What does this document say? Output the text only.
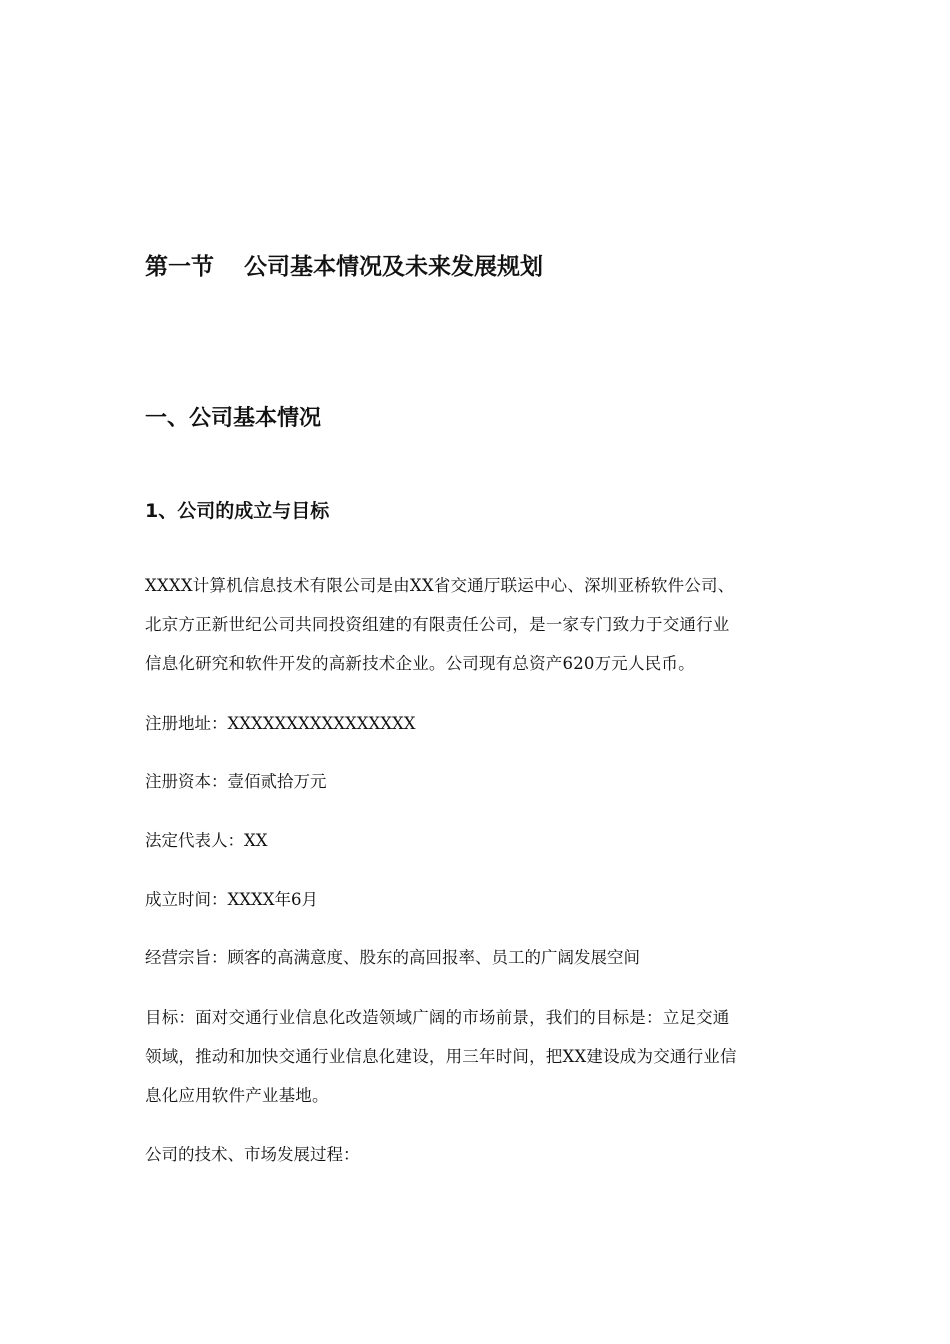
第一节 公司基本情况及未来发展规划
一、公司基本情况
1、公司的成立与目标
XXXX计算机信息技术有限公司是由XX省交通厅联运中心、深圳亚桥软件公司、
北京方正新世纪公司共同投资组建的有限责任公司，是一家专门致力于交通行业
信息化研究和软件开发的高新技术企业。公司现有总资产620万元人民币。
注册地址：XXXXXXXXXXXXXXXX
注册资本：壹佰贰拾万元
法定代表人：XX
成立时间：XXXX年6月
经营宗旨：顾客的高满意度、股东的高回报率、员工的广阔发展空间
目标：面对交通行业信息化改造领域广阔的市场前景，我们的目标是：立足交通
领域，推动和加快交通行业信息化建设，用三年时间，把XX建设成为交通行业信
息化应用软件产业基地。
公司的技术、市场发展过程：
